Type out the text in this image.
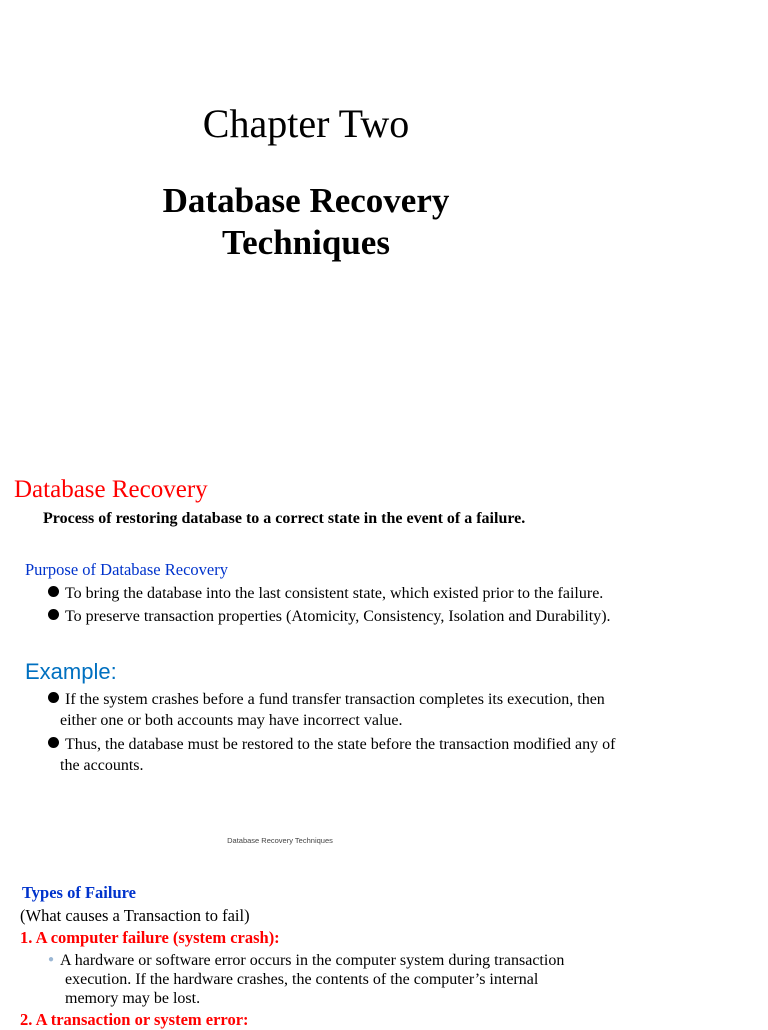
Chapter Two
Database Recovery
Techniques
Database Recovery
Process of restoring database to a correct state in the event of a failure.
Purpose of Database Recovery
To bring the database into the last consistent state, which existed prior to the failure.
To preserve transaction properties (Atomicity, Consistency, Isolation and Durability).
Example:
If the system crashes before a fund transfer transaction completes its execution, then
either one or both accounts may have incorrect value.
Thus, the database must be restored to the state before the transaction modified any of
the accounts.
Database Recovery Techniques
Types of Failure
(What causes a Transaction to fail)
1. A computer failure (system crash):
● A hardware or software error occurs in the computer system during transaction
execution. If the hardware crashes, the contents of the computer’s internal
memory may be lost.
2. A transaction or system error:
